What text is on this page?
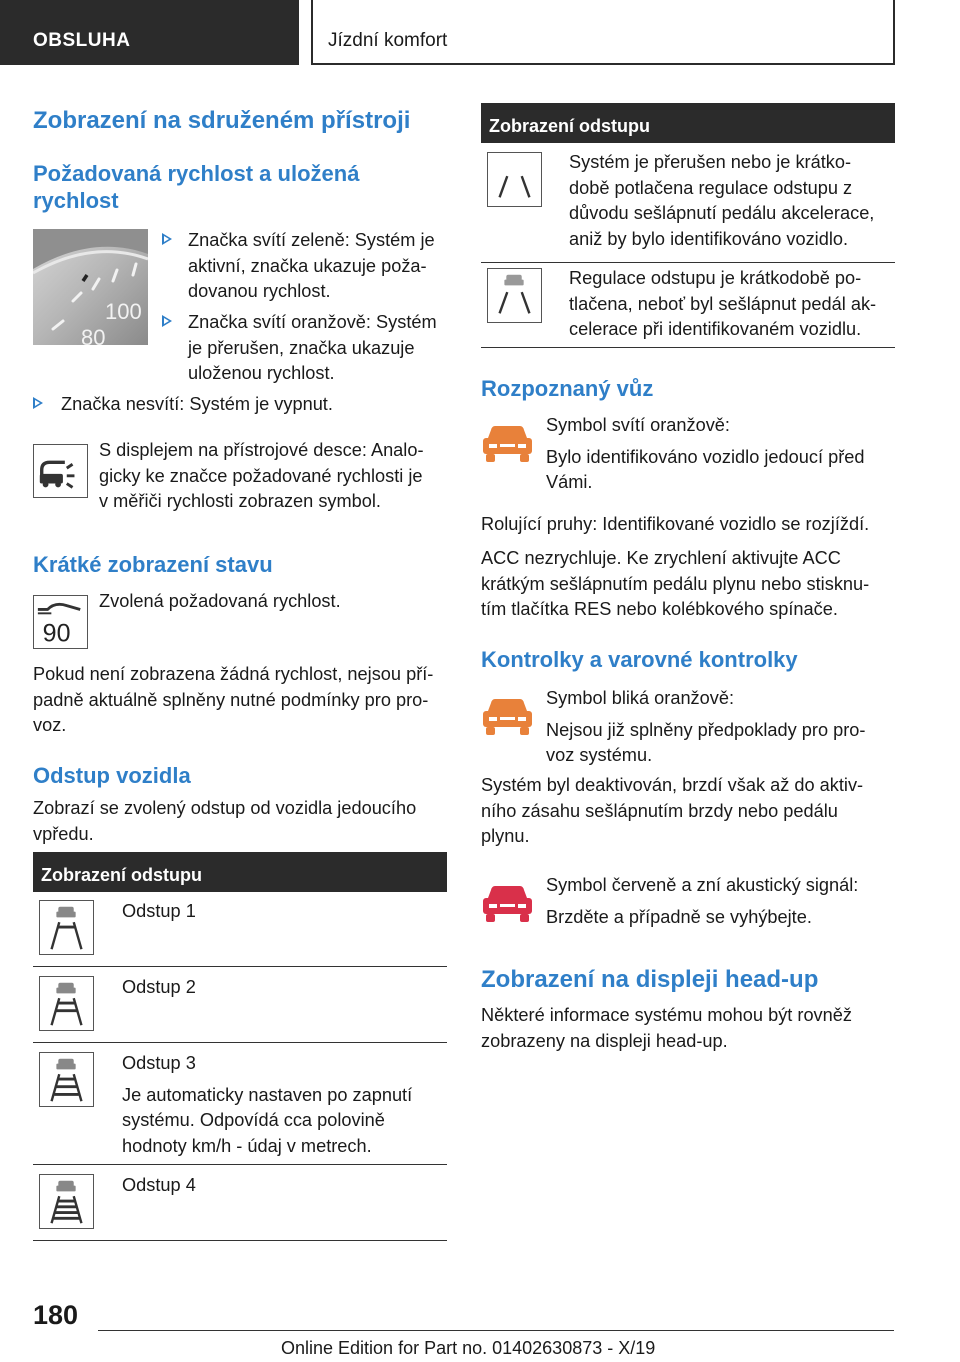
OBSLUHA	Jízdní komfort
Zobrazení na sdruženém přístroji
Požadovaná rychlost a uložená
rychlost
100
80
Značka svítí zeleně: Systém je
aktivní, značka ukazuje poža-
dovanou rychlost.
Značka svítí oranžově: Systém
je přerušen, značka ukazuje
uloženou rychlost.
Značka nesvítí: Systém je vypnut.
S displejem na přístrojové desce: Analo-
gicky ke značce požadované rychlosti je
v měřiči rychlosti zobrazen symbol.
Krátké zobrazení stavu
90
Zvolená požadovaná rychlost.
Pokud není zobrazena žádná rychlost, nejsou pří-
padně aktuálně splněny nutné podmínky pro pro-
voz.
Odstup vozidla
Zobrazí se zvolený odstup od vozidla jedoucího
vpředu.
Zobrazení odstupu
Odstup 1
Odstup 2
Odstup 3
Je automaticky nastaven po zapnutí
systému. Odpovídá cca polovině
hodnoty km/h - údaj v metrech.
Odstup 4
Zobrazení odstupu
Systém je přerušen nebo je krátko-
době potlačena regulace odstupu z
důvodu sešlápnutí pedálu akcelerace,
aniž by bylo identifikováno vozidlo.
Regulace odstupu je krátkodobě po-
tlačena, neboť byl sešlápnut pedál ak-
celerace při identifikovaném vozidlu.
Rozpoznaný vůz
Symbol svítí oranžově:
Bylo identifikováno vozidlo jedoucí před
Vámi.
Rolující pruhy: Identifikované vozidlo se rozjíždí.
ACC nezrychluje. Ke zrychlení aktivujte ACC
krátkým sešlápnutím pedálu plynu nebo stisknu-
tím tlačítka RES nebo kolébkového spínače.
Kontrolky a varovné kontrolky
Symbol bliká oranžově:
Nejsou již splněny předpoklady pro pro-
voz systému.
Systém byl deaktivován, brzdí však až do aktiv-
ního zásahu sešlápnutím brzdy nebo pedálu
plynu.
Symbol červeně a zní akustický signál:
Brzděte a případně se vyhýbejte.
Zobrazení na displeji head-up
Některé informace systému mohou být rovněž
zobrazeny na displeji head-up.
180
Online Edition for Part no. 01402630873 - X/19
